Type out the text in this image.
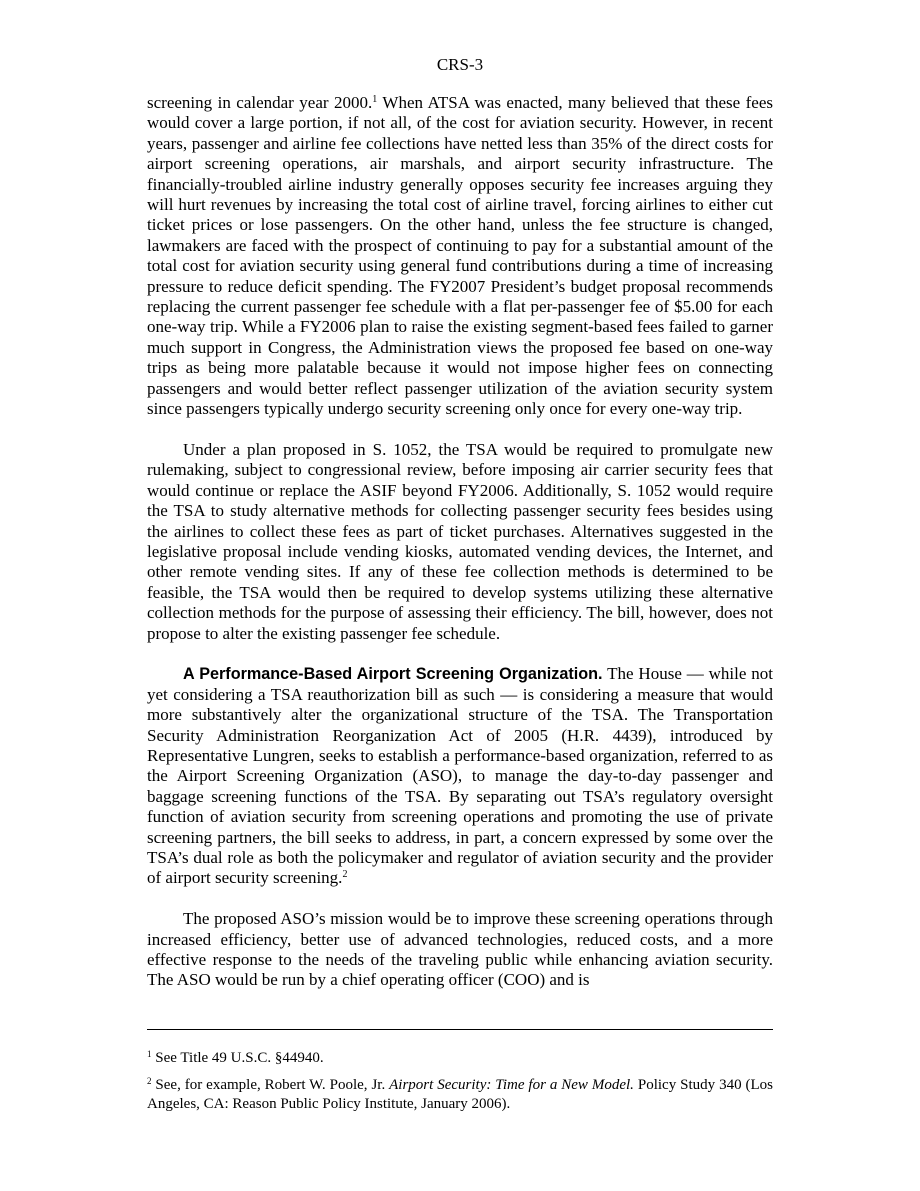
CRS-3

screening in calendar year 2000.$^1$ When ATSA was enacted, many believed that these fees would cover a large portion, if not all, of the cost for aviation security. However, in recent years, passenger and airline fee collections have netted less than 35% of the direct costs for airport screening operations, air marshals, and airport security infrastructure. The financially-troubled airline industry generally opposes security fee increases arguing they will hurt revenues by increasing the total cost of airline travel, forcing airlines to either cut ticket prices or lose passengers. On the other hand, unless the fee structure is changed, lawmakers are faced with the prospect of continuing to pay for a substantial amount of the total cost for aviation security using general fund contributions during a time of increasing pressure to reduce deficit spending. The FY2007 President’s budget proposal recommends replacing the current passenger fee schedule with a flat per-passenger fee of $5.00 for each one-way trip. While a FY2006 plan to raise the existing segment-based fees failed to garner much support in Congress, the Administration views the proposed fee based on one-way trips as being more palatable because it would not impose higher fees on connecting passengers and would better reflect passenger utilization of the aviation security system since passengers typically undergo security screening only once for every one-way trip.

Under a plan proposed in S. 1052, the TSA would be required to promulgate new rulemaking, subject to congressional review, before imposing air carrier security fees that would continue or replace the ASIF beyond FY2006. Additionally, S. 1052 would require the TSA to study alternative methods for collecting passenger security fees besides using the airlines to collect these fees as part of ticket purchases. Alternatives suggested in the legislative proposal include vending kiosks, automated vending devices, the Internet, and other remote vending sites. If any of these fee collection methods is determined to be feasible, the TSA would then be required to develop systems utilizing these alternative collection methods for the purpose of assessing their efficiency. The bill, however, does not propose to alter the existing passenger fee schedule.

A Performance-Based Airport Screening Organization. The House — while not yet considering a TSA reauthorization bill as such — is considering a measure that would more substantively alter the organizational structure of the TSA. The Transportation Security Administration Reorganization Act of 2005 (H.R. 4439), introduced by Representative Lungren, seeks to establish a performance-based organization, referred to as the Airport Screening Organization (ASO), to manage the day-to-day passenger and baggage screening functions of the TSA. By separating out TSA’s regulatory oversight function of aviation security from screening operations and promoting the use of private screening partners, the bill seeks to address, in part, a concern expressed by some over the TSA’s dual role as both the policymaker and regulator of aviation security and the provider of airport security screening.$^2$

The proposed ASO’s mission would be to improve these screening operations through increased efficiency, better use of advanced technologies, reduced costs, and a more effective response to the needs of the traveling public while enhancing aviation security. The ASO would be run by a chief operating officer (COO) and is

$^1$ See Title 49 U.S.C. §44940.

$^2$ See, for example, Robert W. Poole, Jr. Airport Security: Time for a New Model. Policy Study 340 (Los Angeles, CA: Reason Public Policy Institute, January 2006).
